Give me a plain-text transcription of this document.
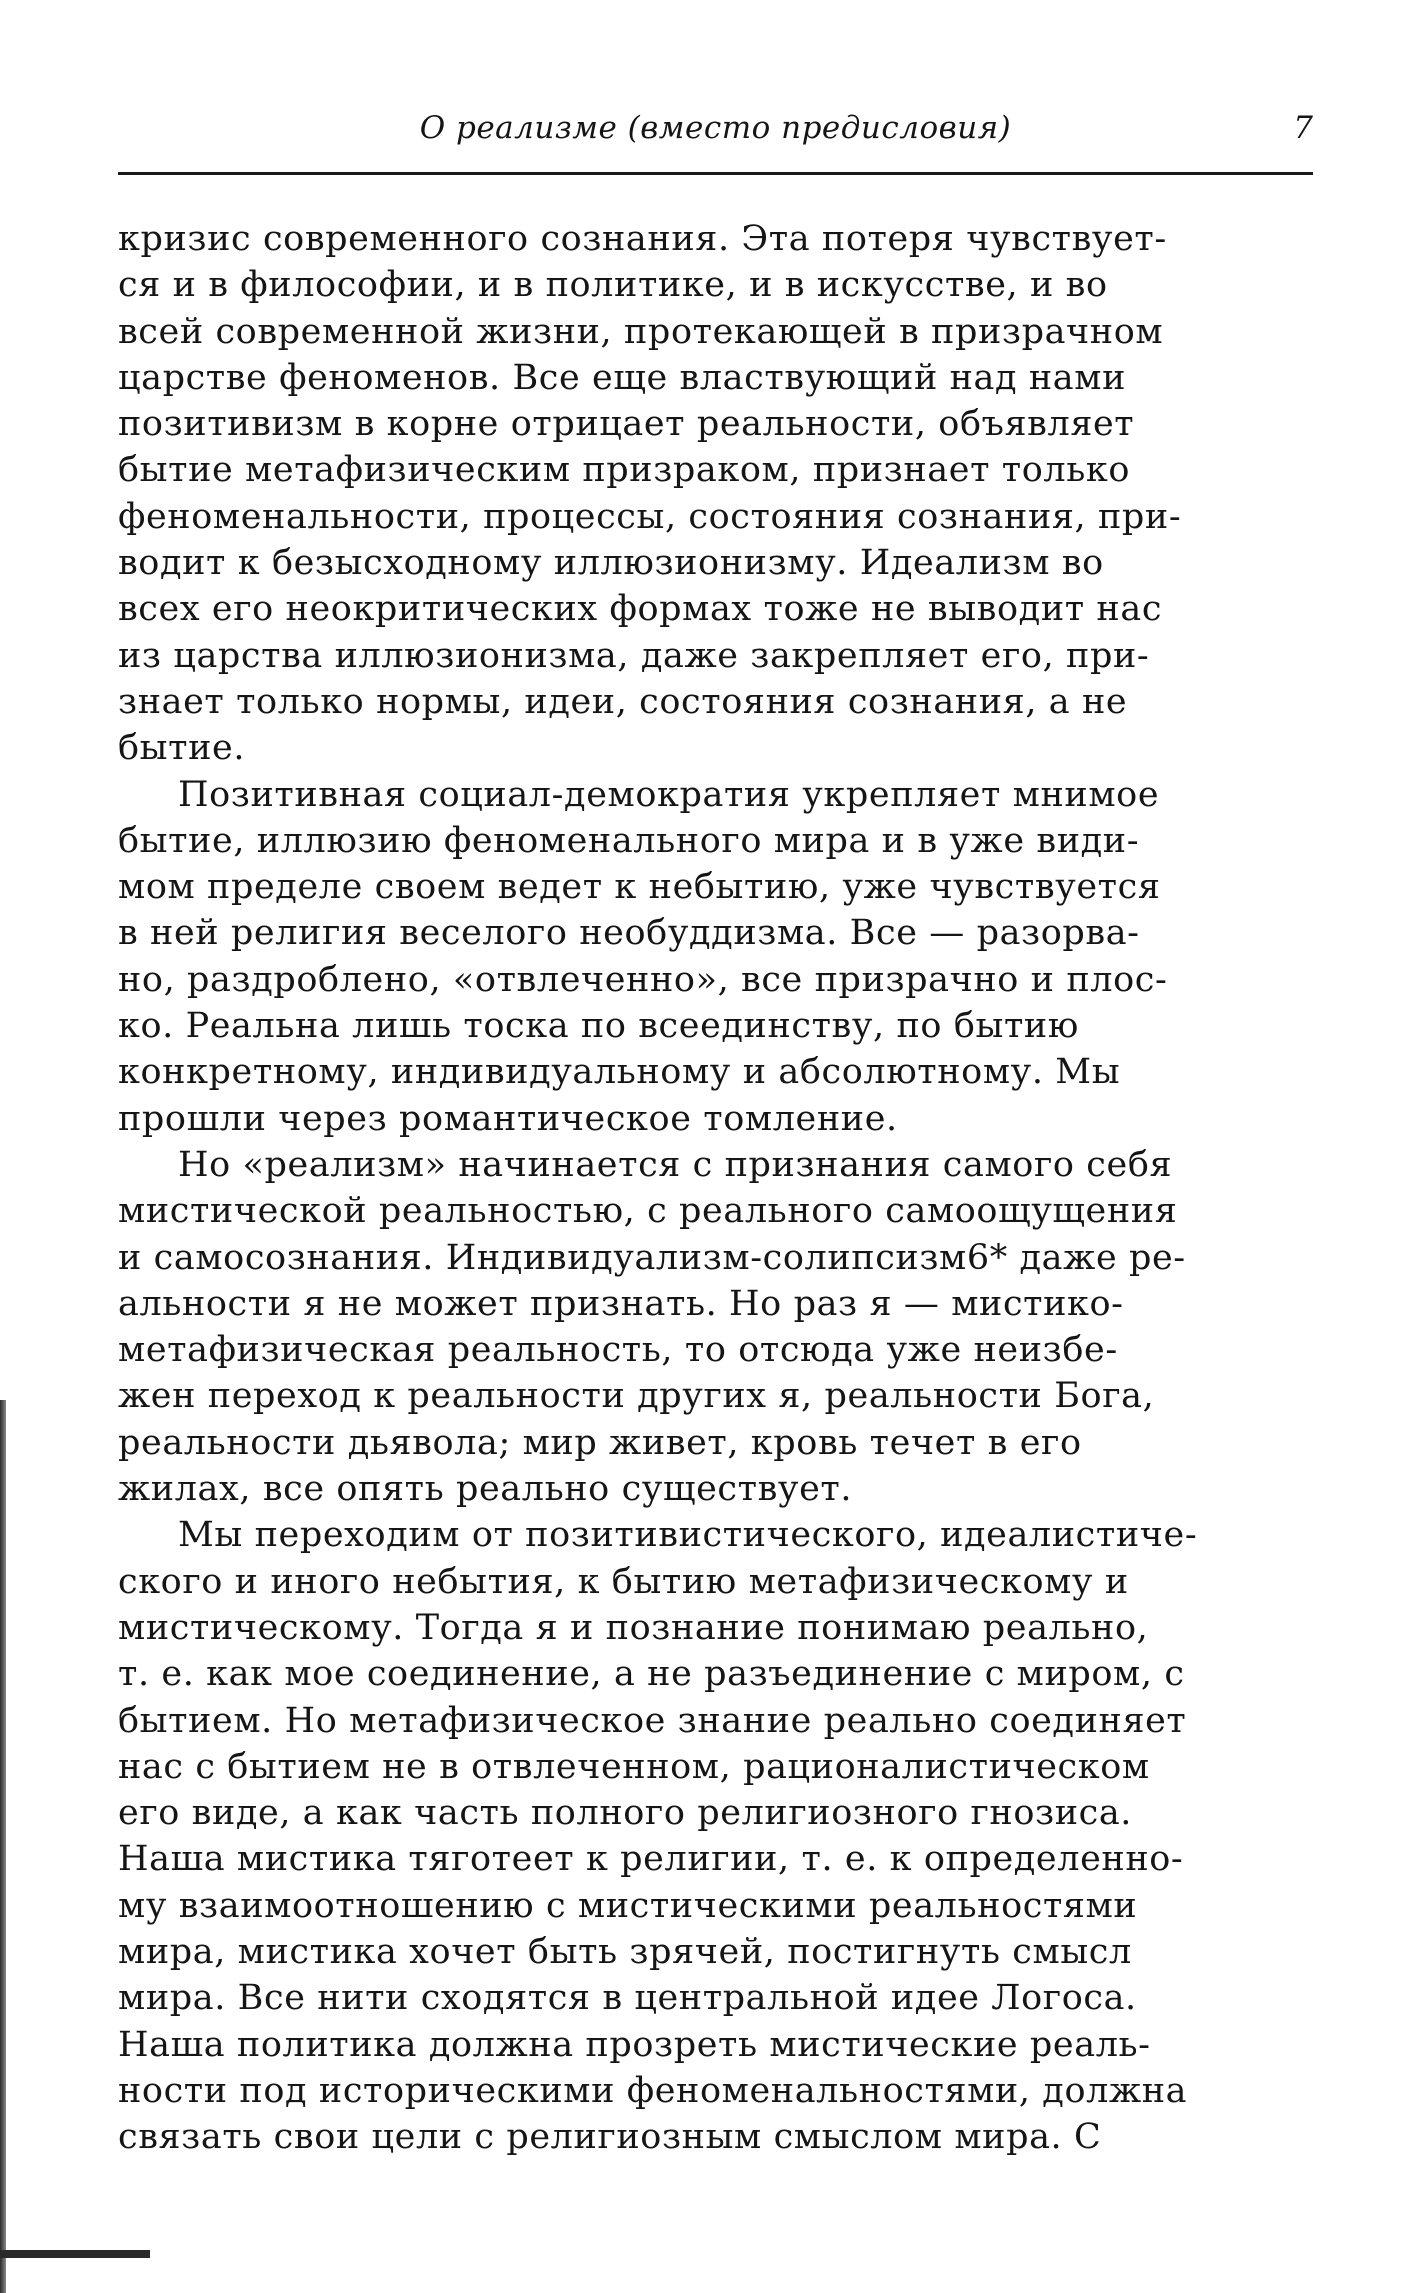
О реализме (вместо предисловия)	7

кризис современного сознания. Эта потеря чувствует-
ся и в философии, и в политике, и в искусстве, и во
всей современной жизни, протекающей в призрачном
царстве феноменов. Все еще властвующий над нами
позитивизм в корне отрицает реальности, объявляет
бытие метафизическим призраком, признает только
феноменальности, процессы, состояния сознания, при-
водит к безысходному иллюзионизму. Идеализм во
всех его неокритических формах тоже не выводит нас
из царства иллюзионизма, даже закрепляет его, при-
знает только нормы, идеи, состояния сознания, а не
бытие.

Позитивная социал-демократия укрепляет мнимое
бытие, иллюзию феноменального мира и в уже види-
мом пределе своем ведет к небытию, уже чувствуется
в ней религия веселого необуддизма. Все — разорва-
но, раздроблено, «отвлеченно», все призрачно и плос-
ко. Реальна лишь тоска по всеединству, по бытию
конкретному, индивидуальному и абсолютному. Мы
прошли через романтическое томление.

Но «реализм» начинается с признания самого себя
мистической реальностью, с реального самоощущения
и самосознания. Индивидуализм-солипсизм6* даже ре-
альности я не может признать. Но раз я — мистико-
метафизическая реальность, то отсюда уже неизбе-
жен переход к реальности других я, реальности Бога,
реальности дьявола; мир живет, кровь течет в его
жилах, все опять реально существует.

Мы переходим от позитивистического, идеалистиче-
ского и иного небытия, к бытию метафизическому и
мистическому. Тогда я и познание понимаю реально,
т. е. как мое соединение, а не разъединение с миром, с
бытием. Но метафизическое знание реально соединяет
нас с бытием не в отвлеченном, рационалистическом
его виде, а как часть полного религиозного гнозиса.
Наша мистика тяготеет к религии, т. е. к определенно-
му взаимоотношению с мистическими реальностями
мира, мистика хочет быть зрячей, постигнуть смысл
мира. Все нити сходятся в центральной идее Логоса.
Наша политика должна прозреть мистические реаль-
ности под историческими феноменальностями, должна
связать свои цели с религиозным смыслом мира. С
